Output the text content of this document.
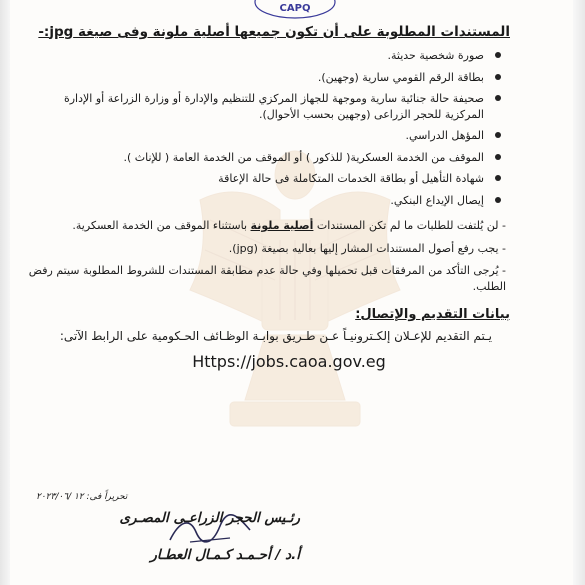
CAPQ
المستندات المطلوبة على أن تكون جميعها أصلية ملونة وفى صيغة jpg:-
صورة شخصية حديثة.
بطاقة الرقم القومي سارية (وجهين).
صحيفة حالة جنائية سارية وموجهة للجهاز المركزي للتنظيم والإدارة أو وزارة الزراعة أو الإدارة المركزية للحجر الزراعى (وجهين بحسب الأحوال).
المؤهل الدراسي.
الموقف من الخدمة العسكرية( للذكور ) أو الموقف من الخدمة العامة ( للإناث ).
شهادة التأهيل أو بطاقة الخدمات المتكاملة فى حالة الإعاقة
إيصال الإيداع البنكي.

- لن يُلتفت للطلبات ما لم تكن المستندات أصلية ملونة باستثناء الموقف من الخدمة العسكرية.

- يجب رفع أصول المستندات المشار إليها بعاليه بصيغة (jpg).

- يُرجى التأكد من المرفقات قبل تحميلها وفي حالة عدم مطابقة المستندات للشروط المطلوبة سيتم رفض الطلب.

بيانات التقديم والإتصال:

يـتم التقديم للإعـلان إلكـترونيـاً عـن طـريق بوابـة الوظـائف الحـكومية على الرابط الآتى:

Https://jobs.caoa.gov.eg
تحريراً فى: ١٢ /٢٠٢٣/٠٦
رئـيس الحجر الزراعـى المصـرى
أ.د / أحـمـد كـمـال العطـار
